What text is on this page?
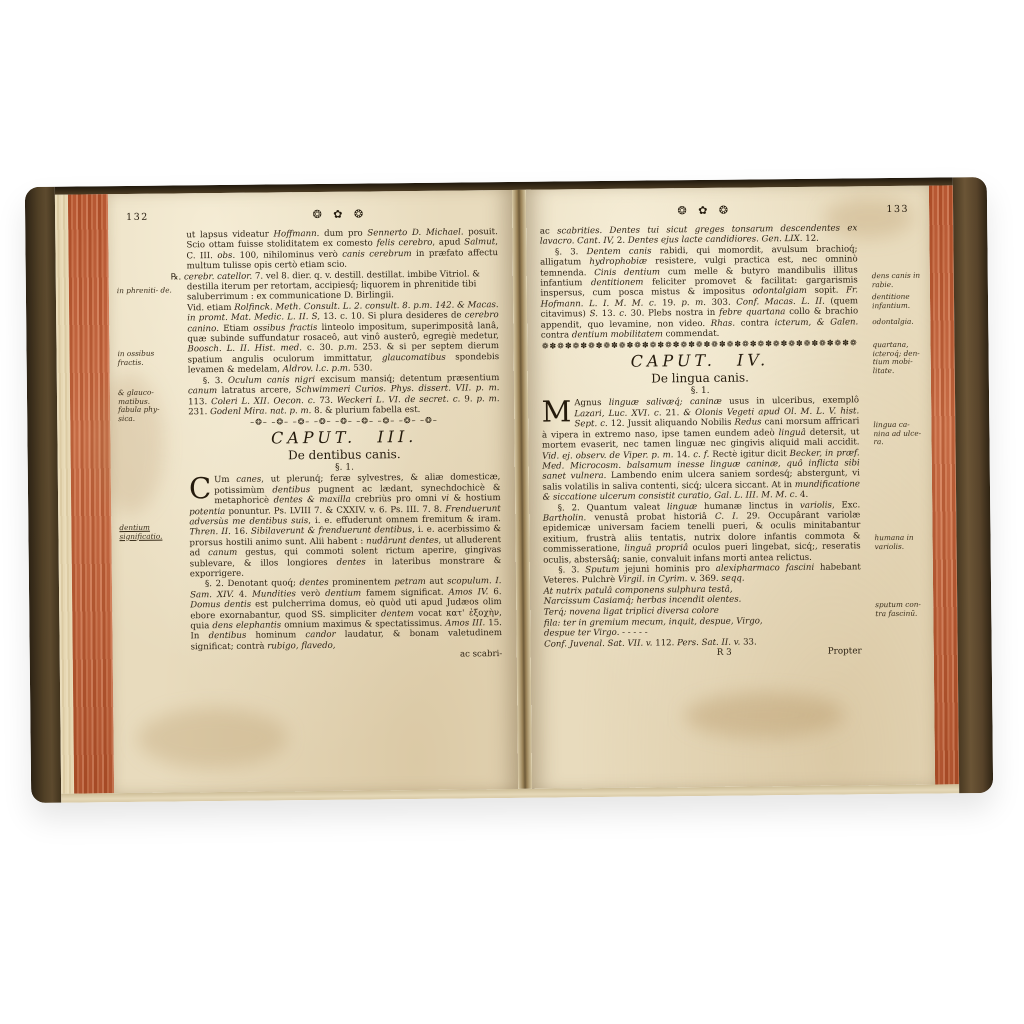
132	❂ ✿ ❂
in phreniti- de.
in ossibus fractis.
& glauco- matibus. fabula phy- sica.
dentium significatio.

ut lapsus videatur Hoffmann. dum pro Sennerto D. Michael. posuit. Scio ottam fuisse stoliditatem ex comesto felis cerebro, apud Salmut, C. III. obs. 100, nihilominus verò canis cerebrum in præfato affectu multum tulisse opis certò etiam scio.

℞. cerebr. catellor. 7. vel 8. dier. q. v. destill. destillat. imbibe Vitriol. & destilla iterum per retortam, accipiesq́; liquorem in phrenitide tibi saluberrimum : ex communicatione D. Birlingii.

Vid. etiam Rolfinck. Meth. Consult. L. 2. consult. 8. p.m. 142. & Macas. in promt. Mat. Medic. L. II. S, 13. c. 10. Si plura desideres de cerebro canino. Etiam ossibus fractis linteolo impositum, superimpositâ lanâ, quæ subinde suffundatur rosaceô, aut vinô austerô, egregiè medetur, Boosch. L. II. Hist. med. c. 30. p.m. 253. & si per septem dierum spatium angulis oculorum immittatur, glaucomatibus spondebis levamen & medelam, Aldrov. l.c. p.m. 530.

§. 3. Oculum canis nigri excisum mansiq́; detentum præsentium canum latratus arcere, Schwimmeri Curios. Phys. dissert. VII. p. m. 113. Coleri L. XII. Oecon. c. 73. Weckeri L. VI. de secret. c. 9. p. m. 231. Godenl Mira. nat. p. m. 8. & plurium fabella est.

–❂– –❂– –❂– –❂– –❂– –❂– –❂– –❂– –❂–
CAPUT. III.
De dentibus canis.
§. 1.

C Um canes, ut plerunq́; feræ sylvestres, & aliæ domesticæ, potissimùm dentibus pugnent ac lædant, synechdochicè & metaphoricè dentes & maxilla crebriùs pro omni vi & hostium potentia ponuntur. Ps. LVIII 7. & CXXIV. v. 6. Ps. III. 7. 8. Frenduerunt adversùs me dentibus suis, i. e. effuderunt omnem fremitum & iram. Thren. II. 16. Sibilaverunt & frenduerunt dentibus, i. e. acerbissimo & prorsus hostili animo sunt. Alii habent : nudârunt dentes, ut alluderent ad canum gestus, qui commoti solent rictum aperire, gingivas sublevare, & illos longiores dentes in lateribus monstrare & exporrigere.

§. 2. Denotant quoq́; dentes prominentem petram aut scopulum. I. Sam. XIV. 4. Mundities verò dentium famem significat. Amos IV. 6. Domus dentis est pulcherrima domus, eò quòd uti apud Judæos olim ebore exornabantur, quod SS. simpliciter dentem vocat κατ' ἐξοχὴν, quia dens elephantis omnium maximus & spectatissimus. Amos III. 15. In dentibus hominum candor laudatur, & bonam valetudinem significat; contrà rubigo, flavedo,

ac scabri-
❂ ✿ ❂	133
dens canis in rabie.
dentitione infantium.
odontalgia.
quartana, icteroq́; den- tium mobi- litate.
lingua ca- nina ad ulce- ra.
humana in variolis.
sputum con- tra fascinū.

ac scabrities. Dentes tui sicut greges tonsarum descendentes ex lavacro. Cant. IV, 2. Dentes ejus lacte candidiores. Gen. LIX. 12.

§. 3. Dentem canis rabidi, qui momordit, avulsum brachioq́; alligatum hydrophobiæ resistere, vulgi practica est, nec omninò temnenda. Cinis dentium cum melle & butyro mandibulis illitus infantium dentitionem feliciter promovet & facilitat: gargarismis inspersus, cum posca mistus & impositus odontalgiam sopit. Fr. Hofmann. L. I. M. M. c. 19. p. m. 303. Conf. Macas. L. II. (quem citavimus) S. 13. c. 30. Plebs nostra in febre quartana collo & brachio appendit, quo levamine, non video. Rhas. contra icterum, & Galen. contra dentium mobilitatem commendat.

❁✽❁✽❁✽❁✽❁✽❁✽❁✽❁✽❁✽❁✽❁✽❁✽❁✽❁✽❁✽❁✽❁✽❁✽❁✽❁✽❁
CAPUT. IV.
De lingua canis.
§. 1.

M Agnus linguæ salivæq́; caninæ usus in ulceribus, exemplô Lazari, Luc. XVI. c. 21. & Olonis Vegeti apud Ol. M. L. V. hist. Sept. c. 12. Jussit aliquando Nobilis Redus cani morsum affricari à vipera in extremo naso, ipse tamen eundem adeò linguâ detersit, ut mortem evaserit, nec tamen linguæ nec gingivis aliquid mali accidit. Vid. ej. observ. de Viper. p. m. 14. c. f. Rectè igitur dicit Becker, in præf. Med. Microcosm. balsamum inesse linguæ caninæ, quô inflicta sibi sanet vulnera. Lambendo enim ulcera saniem sordesq́; abstergunt, vi salis volatilis in saliva contenti, sicq́; ulcera siccant. At in mundificatione & siccatione ulcerum consistit curatio, Gal. L. III. M. M. c. 4.

§. 2. Quantum valeat linguæ humanæ linctus in variolis, Exc. Bartholin. venustâ probat historiâ C. I. 29. Occupârant variolæ epidemicæ universam faciem tenelli pueri, & oculis minitabantur exitium, frustrà aliis tentatis, nutrix dolore infantis commota & commisseratione, linguâ propriâ oculos pueri lingebat, sicq́;, reseratis oculis, abstersâq́; sanie, convaluit infans morti antea relictus.

§. 3. Sputum jejuni hominis pro alexipharmaco fascini habebant Veteres. Pulchrè Virgil. in Cyrim. v. 369. seqq.

At nutrix patulâ componens sulphura testâ,
Narcissum Casiamq́; herbas incendit olentes.
Terq́; novena ligat triplici diversa colore
fila: ter in gremium mecum, inquit, despue, Virgo,
despue ter Virgo. - - - - -

Conf. Juvenal. Sat. VII. v. 112. Pers. Sat. II. v. 33.

R 3	Propter
